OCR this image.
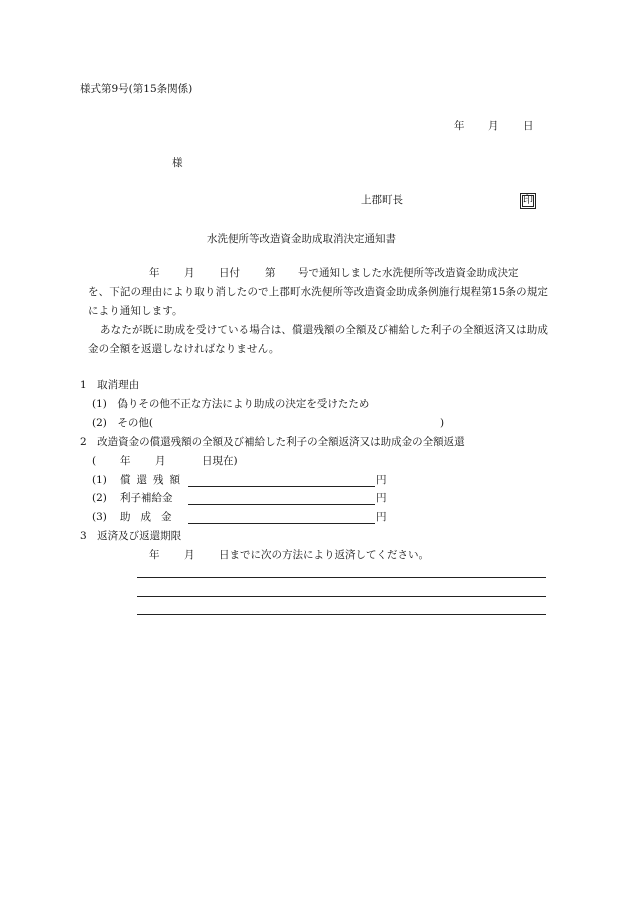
様式第9号(第15条関係)
年 月 日
様
上郡町長	印
水洗便所等改造資金助成取消決定通知書
年 月 日付 第 号で通知しました水洗便所等改造資金助成決定
を、下記の理由により取り消したので上郡町水洗便所等改造資金助成条例施行規程第15条の規定により通知します。
あなたが既に助成を受けている場合は、償還残額の全額及び補給した利子の全額返済又は助成金の全額を返還しなければなりません。
1　取消理由
(1)　偽りその他不正な方法により助成の決定を受けたため
(2)　その他(	)
2　改造資金の償還残額の全額及び補給した利子の全額返済又は助成金の全額返還
( 年 月	日現在)
(1) 償還残額	円
(2) 利子補給金	円
(3) 助成金	円
3　返済及び返還期限
年 月 日までに次の方法により返済してください。
